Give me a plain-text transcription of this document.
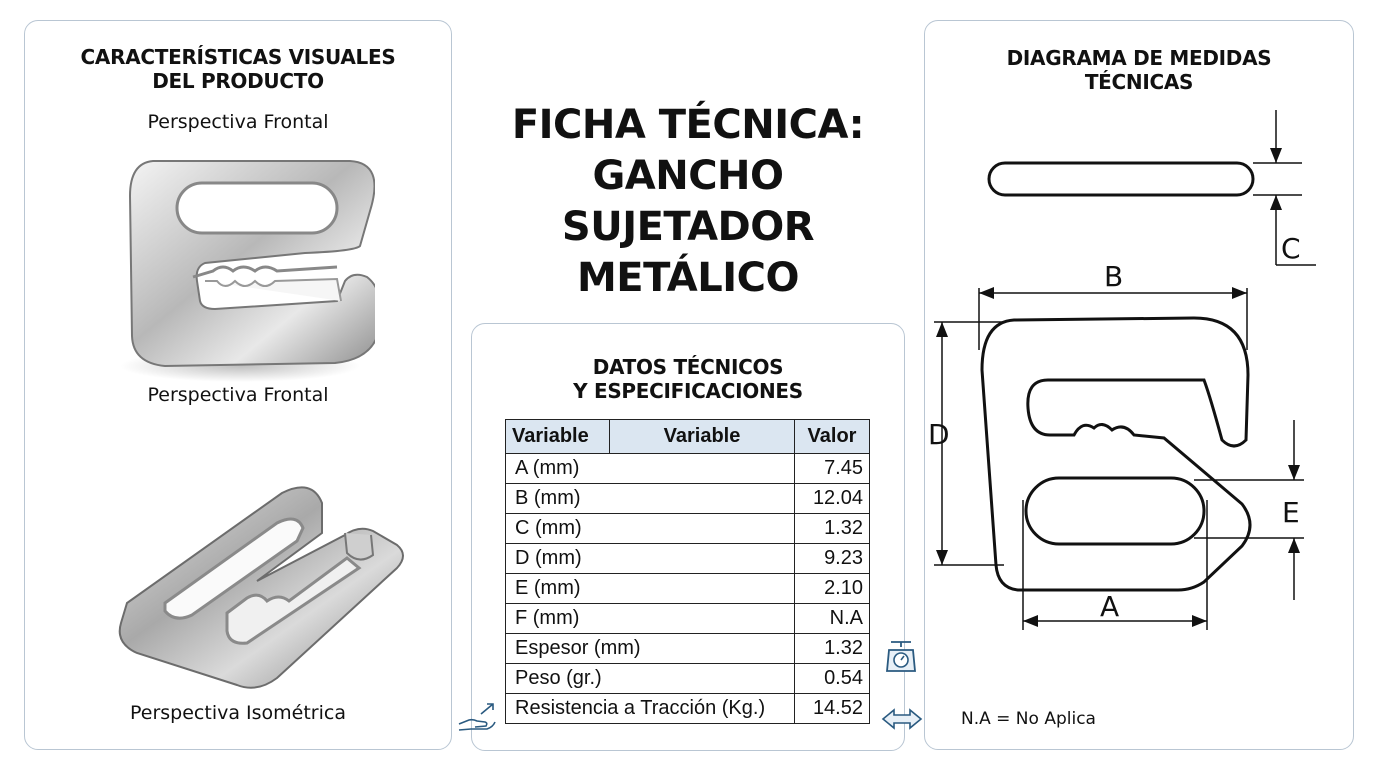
CARACTERÍSTICAS VISUALES
DEL PRODUCTO
Perspectiva Frontal
Perspectiva Frontal
Perspectiva Isométrica
FICHA TÉCNICA:
GANCHO
SUJETADOR
METÁLICO
DATOS TÉCNICOS
Y ESPECIFICACIONES
Variable	Variable	Valor
A (mm)		7.45
B (mm)		12.04
C (mm)		1.32
D (mm)		9.23
E (mm)		2.10
F (mm)		N.A
Espesor (mm)		1.32
Peso (gr.)		0.54
Resistencia a Tracción (Kg.)		14.52
DIAGRAMA DE MEDIDAS
TÉCNICAS
C
B
D
E
A
N.A = No Aplica
